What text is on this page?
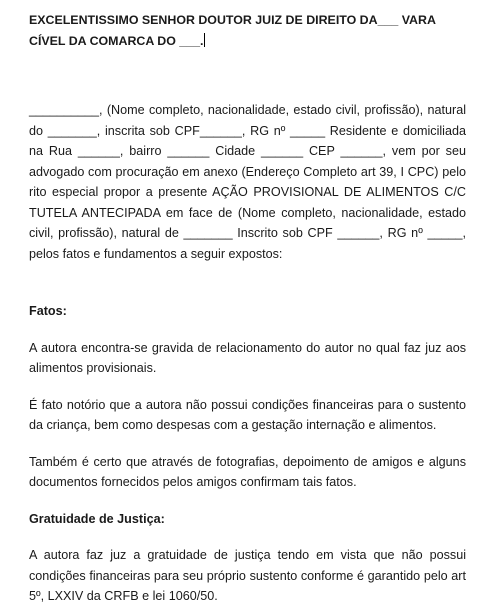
EXCELENTISSIMO SENHOR DOUTOR JUIZ DE DIREITO DA___ VARA CÍVEL DA COMARCA DO ___.

__________, (Nome completo, nacionalidade, estado civil, profissão), natural do _______, inscrita sob CPF______, RG nº _____ Residente e domiciliada na Rua ______, bairro ______ Cidade ______ CEP ______, vem por seu advogado com procuração em anexo (Endereço Completo art 39, I CPC) pelo rito especial propor a presente AÇÃO PROVISIONAL DE ALIMENTOS C/C TUTELA ANTECIPADA em face de (Nome completo, nacionalidade, estado civil, profissão), natural de _______ Inscrito sob CPF ______, RG nº _____, pelos fatos e fundamentos a seguir expostos:

Fatos:

A autora encontra-se gravida de relacionamento do autor no qual faz juz aos alimentos provisionais.

É fato notório que a autora não possui condições financeiras para o sustento da criança, bem como despesas com a gestação internação e alimentos.

Também é certo que através de fotografias, depoimento de amigos e alguns documentos fornecidos pelos amigos confirmam tais fatos.

Gratuidade de Justiça:

A autora faz juz a gratuidade de justiça tendo em vista que não possui condições financeiras para seu próprio sustento conforme é garantido pelo art 5º, LXXIV da CRFB e lei 1060/50.
